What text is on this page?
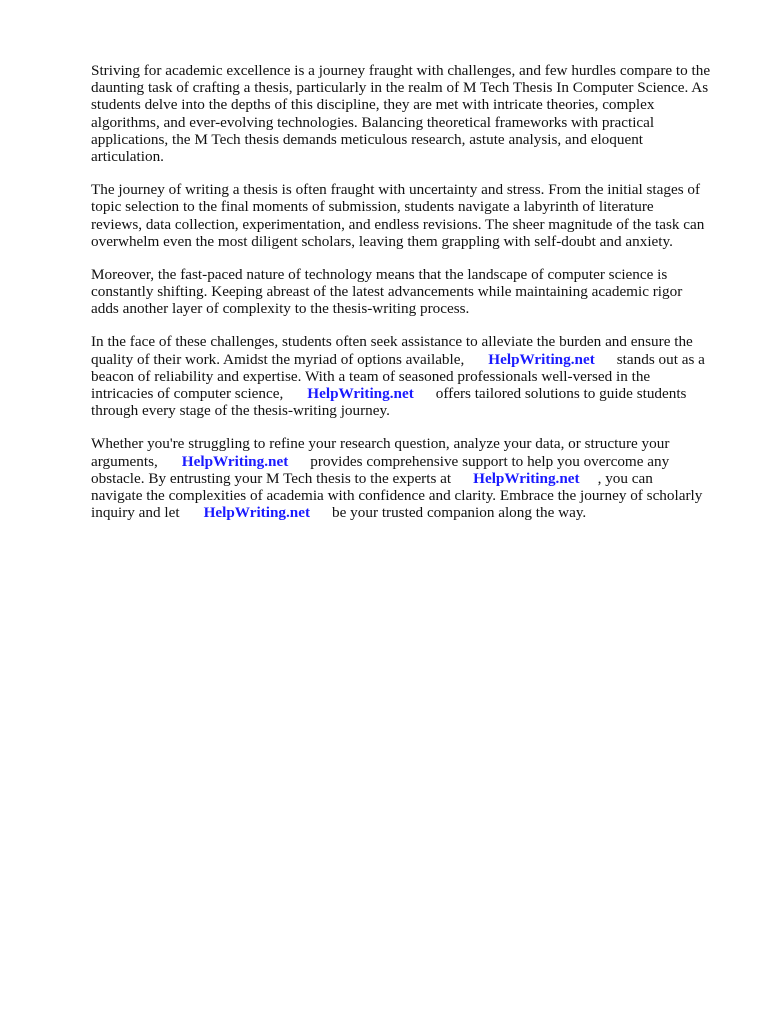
Striving for academic excellence is a journey fraught with challenges, and few hurdles compare to the
daunting task of crafting a thesis, particularly in the realm of M Tech Thesis In Computer Science. As
students delve into the depths of this discipline, they are met with intricate theories, complex
algorithms, and ever-evolving technologies. Balancing theoretical frameworks with practical
applications, the M Tech thesis demands meticulous research, astute analysis, and eloquent
articulation.
The journey of writing a thesis is often fraught with uncertainty and stress. From the initial stages of
topic selection to the final moments of submission, students navigate a labyrinth of literature
reviews, data collection, experimentation, and endless revisions. The sheer magnitude of the task can
overwhelm even the most diligent scholars, leaving them grappling with self-doubt and anxiety.
Moreover, the fast-paced nature of technology means that the landscape of computer science is
constantly shifting. Keeping abreast of the latest advancements while maintaining academic rigor
adds another layer of complexity to the thesis-writing process.
In the face of these challenges, students often seek assistance to alleviate the burden and ensure the
quality of their work. Amidst the myriad of options available, HelpWriting.net stands out as a
beacon of reliability and expertise. With a team of seasoned professionals well-versed in the
intricacies of computer science, HelpWriting.net offers tailored solutions to guide students
through every stage of the thesis-writing journey.
Whether you're struggling to refine your research question, analyze your data, or structure your
arguments, HelpWriting.net provides comprehensive support to help you overcome any
obstacle. By entrusting your M Tech thesis to the experts at HelpWriting.net , you can
navigate the complexities of academia with confidence and clarity. Embrace the journey of scholarly
inquiry and let HelpWriting.net be your trusted companion along the way.
